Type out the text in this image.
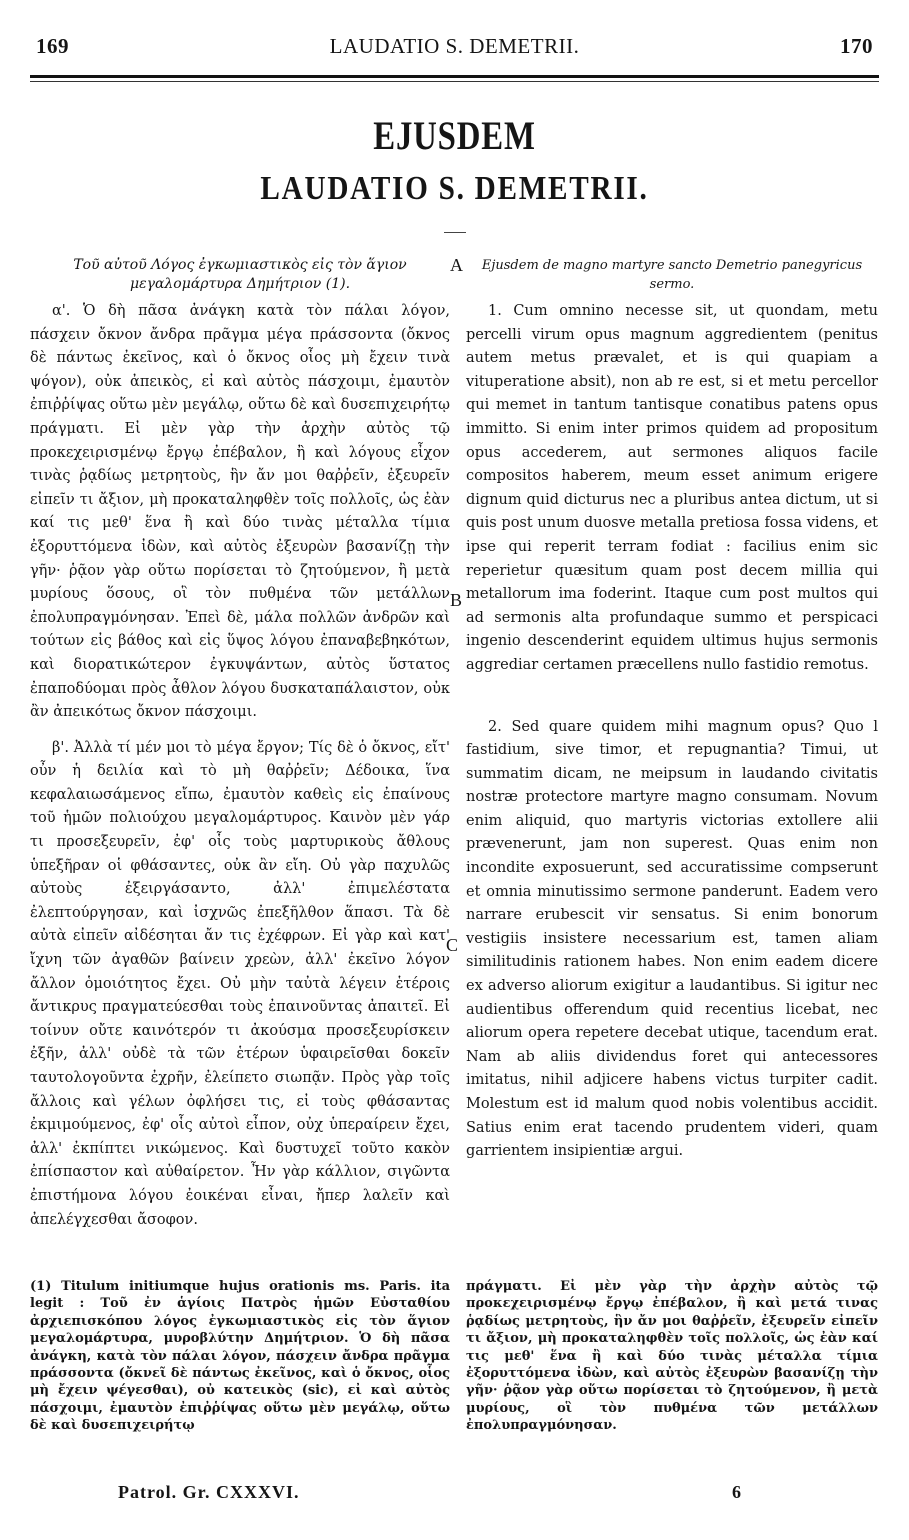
169	LAUDATIO S. DEMETRII.	170
EJUSDEM
LAUDATIO S. DEMETRII.
A
B
C
Τοῦ αὐτοῦ Λόγος ἐγκωμιαστικὸς εἰς τὸν ἅγιον μεγαλομάρτυρα Δημήτριον (1).

α'. Ὁ δὴ πᾶσα ἀνάγκη κατὰ τὸν πάλαι λόγον, πάσχειν ὄκνον ἄνδρα πρᾶγμα μέγα πράσσοντα (ὄκνος δὲ πάντως ἐκεῖνος, καὶ ὁ ὄκνος οἷος μὴ ἔχειν τινὰ ψόγον), οὐκ ἀπεικὸς, εἰ καὶ αὐτὸς πάσχοιμι, ἐμαυτὸν ἐπιῤῥίψας οὕτω μὲν μεγάλῳ, οὕτω δὲ καὶ δυσεπιχειρήτῳ πράγματι. Εἰ μὲν γὰρ τὴν ἀρχὴν αὐτὸς τῷ προκεχειρισμένῳ ἔργῳ ἐπέβαλον, ἢ καὶ λόγους εἶχον τινὰς ῥᾳδίως μετρητοὺς, ἣν ἄν μοι θαῤῥεῖν, ἐξευρεῖν εἰπεῖν τι ἄξιον, μὴ προκαταληφθὲν τοῖς πολλοῖς, ὡς ἐὰν καί τις μεθ' ἕνα ἢ καὶ δύο τινὰς μέταλλα τίμια ἐξορυττόμενα ἰδὼν, καὶ αὐτὸς ἐξευρὼν βασανίζῃ τὴν γῆν· ῥᾷον γὰρ οὕτω πορίσεται τὸ ζητούμενον, ἢ μετὰ μυρίους ὅσους, οἳ τὸν πυθμένα τῶν μετάλλων ἐπολυπραγμόνησαν. Ἐπεὶ δὲ, μάλα πολλῶν ἀνδρῶν καὶ τούτων εἰς βάθος καὶ εἰς ὕψος λόγου ἐπαναβεβηκότων, καὶ διορατικώτερον ἐγκυψάντων, αὐτὸς ὕστατος ἐπαποδύομαι πρὸς ἆθλον λόγου δυσκαταπάλαιστον, οὐκ ἂν ἀπεικότως ὄκνον πάσχοιμι.

β'. Ἀλλὰ τί μέν μοι τὸ μέγα ἔργον; Τίς δὲ ὁ ὄκνος, εἴτ' οὖν ἡ δειλία καὶ τὸ μὴ θαῤῥεῖν; Δέδοικα, ἵνα κεφαλαιωσάμενος εἴπω, ἐμαυτὸν καθεὶς εἰς ἐπαίνους τοῦ ἡμῶν πολιούχου μεγαλομάρτυρος. Καινὸν μὲν γάρ τι προσεξευρεῖν, ἐφ' οἷς τοὺς μαρτυρικοὺς ἄθλους ὑπεξῆραν οἱ φθάσαντες, οὐκ ἂν εἴη. Οὐ γὰρ παχυλῶς αὐτοὺς ἐξειργάσαντο, ἀλλ' ἐπιμελέστατα ἐλεπτούργησαν, καὶ ἰσχνῶς ἐπεξῆλθον ἅπασι. Τὰ δὲ αὐτὰ εἰπεῖν αἰδέσηται ἄν τις ἐχέφρων. Εἰ γὰρ καὶ κατ' ἴχνη τῶν ἀγαθῶν βαίνειν χρεὼν, ἀλλ' ἐκεῖνο λόγον ἄλλον ὁμοιότητος ἔχει. Οὐ μὴν ταὐτὰ λέγειν ἑτέροις ἄντικρυς πραγματεύεσθαι τοὺς ἐπαινοῦντας ἀπαιτεῖ. Εἰ τοίνυν οὔτε καινότερόν τι ἀκούσμα προσεξευρίσκειν ἐξῆν, ἀλλ' οὐδὲ τὰ τῶν ἑτέρων ὑφαιρεῖσθαι δοκεῖν ταυτολογοῦντα ἐχρῆν, ἐλείπετο σιωπᾷν. Πρὸς γὰρ τοῖς ἄλλοις καὶ γέλων ὀφλήσει τις, εἰ τοὺς φθάσαντας ἐκμιμούμενος, ἐφ' οἷς αὐτοὶ εἶπον, οὐχ ὑπεραίρειν ἔχει, ἀλλ' ἐκπίπτει νικώμενος. Καὶ δυστυχεῖ τοῦτο κακὸν ἐπίσπαστον καὶ αὐθαίρετον. Ἦν γὰρ κάλλιον, σιγῶντα ἐπιστήμονα λόγου ἐοικέναι εἶναι, ἤπερ λαλεῖν καὶ ἀπελέγχεσθαι ἄσοφον.

Ejusdem de magno martyre sancto Demetrio panegyricus sermo.

1. Cum omnino necesse sit, ut quondam, metu percelli virum opus magnum aggredientem (penitus autem metus prævalet, et is qui quapiam a vituperatione absit), non ab re est, si et metu percellor qui memet in tantum tantisque conatibus patens opus immitto. Si enim inter primos quidem ad propositum opus accederem, aut sermones aliquos facile compositos haberem, meum esset animum erigere dignum quid dicturus nec a pluribus antea dictum, ut si quis post unum duosve metalla pretiosa fossa videns, et ipse qui reperit terram fodiat : facilius enim sic reperietur quæsitum quam post decem millia qui metallorum ima foderint. Itaque cum post multos qui ad sermonis alta profundaque summo et perspicaci ingenio descenderint equidem ultimus hujus sermonis aggrediar certamen præcellens nullo fastidio remotus.

2. Sed quare quidem mihi magnum opus? Quo l fastidium, sive timor, et repugnantia? Timui, ut summatim dicam, ne meipsum in laudando civitatis nostræ protectore martyre magno consumam. Novum enim aliquid, quo martyris victorias extollere alii prævenerunt, jam non superest. Quas enim non incondite exposuerunt, sed accuratissime compserunt et omnia minutissimo sermone panderunt. Eadem vero narrare erubescit vir sensatus. Si enim bonorum vestigiis insistere necessarium est, tamen aliam similitudinis rationem habes. Non enim eadem dicere ex adverso aliorum exigitur a laudantibus. Si igitur nec audientibus offerendum quid recentius licebat, nec aliorum opera repetere decebat utique, tacendum erat. Nam ab aliis dividendus foret qui antecessores imitatus, nihil adjicere habens victus turpiter cadit. Molestum est id malum quod nobis volentibus accidit. Satius enim erat tacendo prudentem videri, quam garrientem insipientiæ argui.

(1) Titulum initiumque hujus orationis ms. Paris. ita legit : Τοῦ ἐν ἁγίοις Πατρὸς ἡμῶν Εὐσταθίου ἀρχιεπισκόπου λόγος ἐγκωμιαστικὸς εἰς τὸν ἅγιον μεγαλομάρτυρα, μυροβλύτην Δημήτριον. Ὁ δὴ πᾶσα ἀνάγκη, κατὰ τὸν πάλαι λόγον, πάσχειν ἄνδρα πρᾶγμα πράσσοντα (ὄκνεῖ δὲ πάντως ἐκεῖνος, καὶ ὁ ὄκνος, οἷος μὴ ἔχειν ψέγεσθαι), οὐ κατεικὸς (sic), εἰ καὶ αὐτὸς πάσχοιμι, ἐμαυτὸν ἐπιῤῥίψας οὕτω μὲν μεγάλῳ, οὕτω δὲ καὶ δυσεπιχειρήτῳ
πράγματι. Εἰ μὲν γὰρ τὴν ἀρχὴν αὐτὸς τῷ προκεχειρισμένῳ ἔργῳ ἐπέβαλον, ἢ καὶ μετά τινας ῥᾳδίως μετρητοὺς, ἣν ἄν μοι θαῤῥεῖν, ἐξευρεῖν εἰπεῖν τι ἄξιον, μὴ προκαταληφθὲν τοῖς πολλοῖς, ὡς ἐὰν καί τις μεθ' ἕνα ἢ καὶ δύο τινὰς μέταλλα τίμια ἐξορυττόμενα ἰδὼν, καὶ αὐτὸς ἐξευρὼν βασανίζῃ τὴν γῆν· ῥᾷον γὰρ οὕτω πορίσεται τὸ ζητούμενον, ἢ μετὰ μυρίους, οἳ τὸν πυθμένα τῶν μετάλλων ἐπολυπραγμόνησαν.
Patrol. Gr. CXXXVI.	6
